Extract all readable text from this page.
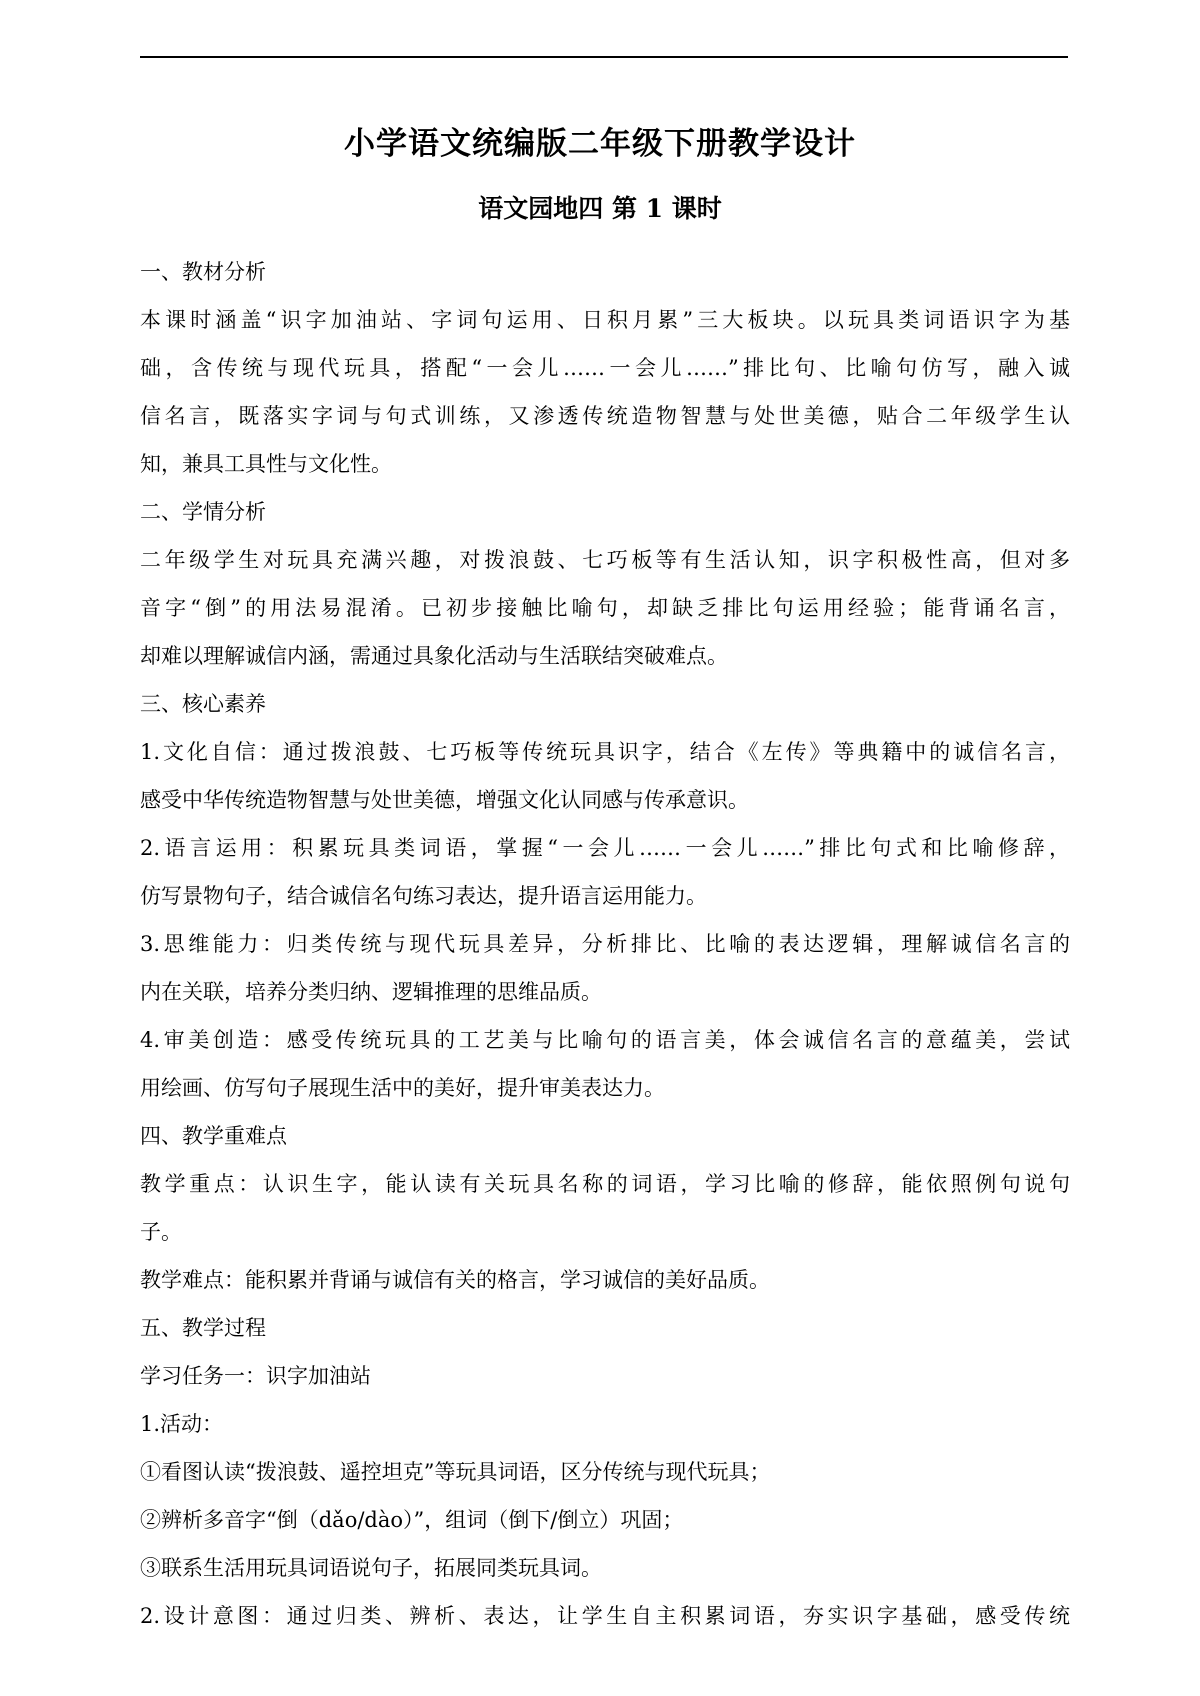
小学语文统编版二年级下册教学设计
语文园地四 第 1 课时
一、教材分析
本课时涵盖“识字加油站、字词句运用、日积月累”三大板块。以玩具类词语识字为基
础，含传统与现代玩具，搭配“一会儿……一会儿……”排比句、比喻句仿写，融入诚
信名言，既落实字词与句式训练，又渗透传统造物智慧与处世美德，贴合二年级学生认
知，兼具工具性与文化性。
二、学情分析
二年级学生对玩具充满兴趣，对拨浪鼓、七巧板等有生活认知，识字积极性高，但对多
音字“倒”的用法易混淆。已初步接触比喻句，却缺乏排比句运用经验；能背诵名言，
却难以理解诚信内涵，需通过具象化活动与生活联结突破难点。
三、核心素养
1.文化自信：通过拨浪鼓、七巧板等传统玩具识字，结合《左传》等典籍中的诚信名言，
感受中华传统造物智慧与处世美德，增强文化认同感与传承意识。
2.语言运用：积累玩具类词语，掌握“一会儿……一会儿……”排比句式和比喻修辞，
仿写景物句子，结合诚信名句练习表达，提升语言运用能力。
3.思维能力：归类传统与现代玩具差异，分析排比、比喻的表达逻辑，理解诚信名言的
内在关联，培养分类归纳、逻辑推理的思维品质。
4.审美创造：感受传统玩具的工艺美与比喻句的语言美，体会诚信名言的意蕴美，尝试
用绘画、仿写句子展现生活中的美好，提升审美表达力。
四、教学重难点
教学重点：认识生字，能认读有关玩具名称的词语，学习比喻的修辞，能依照例句说句
子。
教学难点：能积累并背诵与诚信有关的格言，学习诚信的美好品质。
五、教学过程
学习任务一：识字加油站
1.活动：
①看图认读“拨浪鼓、遥控坦克”等玩具词语，区分传统与现代玩具；
②辨析多音字“倒（dǎo/dào）”，组词（倒下/倒立）巩固；
③联系生活用玩具词语说句子，拓展同类玩具词。
2.设计意图：通过归类、辨析、表达，让学生自主积累词语，夯实识字基础，感受传统
